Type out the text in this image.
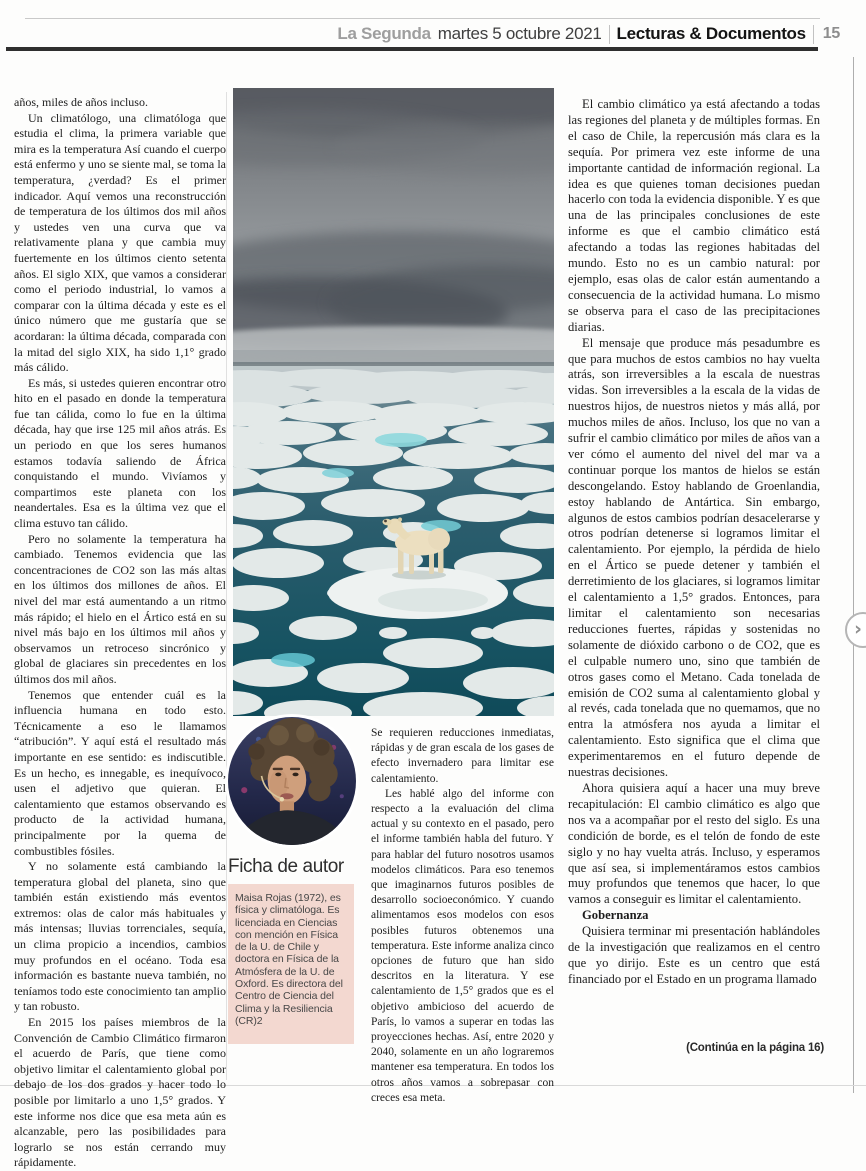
La Segunda martes 5 octubre 2021 Lecturas & Documentos 15

años, miles de años incluso.

Un climatólogo, una climatóloga que estudia el clima, la primera variable que mira es la temperatura Así cuando el cuerpo está enfermo y uno se siente mal, se toma la temperatura, ¿verdad? Es el primer indicador. Aquí vemos una reconstrucción de temperatura de los últimos dos mil años y ustedes ven una curva que va relativamente plana y que cambia muy fuertemente en los últimos ciento setenta años. El siglo XIX, que vamos a considerar como el periodo industrial, lo vamos a comparar con la última década y este es el único número que me gustaría que se acordaran: la última década, comparada con la mitad del siglo XIX, ha sido 1,1° grado más cálido.

Es más, si ustedes quieren encontrar otro hito en el pasado en donde la temperatura fue tan cálida, como lo fue en la última década, hay que irse 125 mil años atrás. Es un periodo en que los seres humanos estamos todavía saliendo de África conquistando el mundo. Vivíamos y compartimos este planeta con los neandertales. Esa es la última vez que el clima estuvo tan cálido.

Pero no solamente la temperatura ha cambiado. Tenemos evidencia que las concentraciones de CO2 son las más altas en los últimos dos millones de años. El nivel del mar está aumentando a un ritmo más rápido; el hielo en el Ártico está en su nivel más bajo en los últimos mil años y observamos un retroceso sincrónico y global de glaciares sin precedentes en los últimos dos mil años.

Tenemos que entender cuál es la influencia humana en todo esto. Técnicamente a eso le llamamos “atribución”. Y aquí está el resultado más importante en ese sentido: es indiscutible. Es un hecho, es innegable, es inequívoco, usen el adjetivo que quieran. El calentamiento que estamos observando es producto de la actividad humana, principalmente por la quema de combustibles fósiles.

Y no solamente está cambiando la temperatura global del planeta, sino que también están existiendo más eventos extremos: olas de calor más habituales y más intensas; lluvias torrenciales, sequía, un clima propicio a incendios, cambios muy profundos en el océano. Toda esa información es bastante nueva también, no teníamos todo este conocimiento tan amplio y tan robusto.

En 2015 los países miembros de la Convención de Cambio Climático firmaron el acuerdo de París, que tiene como objetivo limitar el calentamiento global por debajo de los dos grados y hacer todo lo posible por limitarlo a uno 1,5° grados. Y este informe nos dice que esa meta aún es alcanzable, pero las posibilidades para lograrlo se nos están cerrando muy rápidamente.

Se requieren reducciones inmediatas, rápidas y de gran escala de los gases de efecto invernadero para limitar ese calentamiento.

Les hablé algo del informe con respecto a la evaluación del clima actual y su contexto en el pasado, pero el informe también habla del futuro. Y para hablar del futuro nosotros usamos modelos climáticos. Para eso tenemos que imaginarnos futuros posibles de desarrollo socioeconómico. Y cuando alimentamos esos modelos con esos posibles futuros obtenemos una temperatura. Este informe analiza cinco opciones de futuro que han sido descritos en la literatura. Y ese calentamiento de 1,5° grados que es el objetivo ambicioso del acuerdo de París, lo vamos a superar en todas las proyecciones hechas. Así, entre 2020 y 2040, solamente en un año lograremos mantener esa temperatura. En todos los otros años vamos a sobrepasar con creces esa meta.

El cambio climático ya está afectando a todas las regiones del planeta y de múltiples formas. En el caso de Chile, la repercusión más clara es la sequía. Por primera vez este informe de una importante cantidad de información regional. La idea es que quienes toman decisiones puedan hacerlo con toda la evidencia disponible. Y es que una de las principales conclusiones de este informe es que el cambio climático está afectando a todas las regiones habitadas del mundo. Esto no es un cambio natural: por ejemplo, esas olas de calor están aumentando a consecuencia de la actividad humana. Lo mismo se observa para el caso de las precipitaciones diarias.

El mensaje que produce más pesadumbre es que para muchos de estos cambios no hay vuelta atrás, son irreversibles a la escala de nuestras vidas. Son irreversibles a la escala de la vidas de nuestros hijos, de nuestros nietos y más allá, por muchos miles de años. Incluso, los que no van a sufrir el cambio climático por miles de años van a ver cómo el aumento del nivel del mar va a continuar porque los mantos de hielos se están descongelando. Estoy hablando de Groenlandia, estoy hablando de Antártica. Sin embargo, algunos de estos cambios podrían desacelerarse y otros podrían detenerse si logramos limitar el calentamiento. Por ejemplo, la pérdida de hielo en el Ártico se puede detener y también el derretimiento de los glaciares, si logramos limitar el calentamiento a 1,5° grados. Entonces, para limitar el calentamiento son necesarias reducciones fuertes, rápidas y sostenidas no solamente de dióxido carbono o de CO2, que es el culpable numero uno, sino que también de otros gases como el Metano. Cada tonelada de emisión de CO2 suma al calentamiento global y al revés, cada tonelada que no quemamos, que no entra la atmósfera nos ayuda a limitar el calentamiento. Esto significa que el clima que experimentaremos en el futuro depende de nuestras decisiones.

Ahora quisiera aquí a hacer una muy breve recapitulación: El cambio climático es algo que nos va a acompañar por el resto del siglo. Es una condición de borde, es el telón de fondo de este siglo y no hay vuelta atrás. Incluso, y esperamos que así sea, si implementáramos estos cambios muy profundos que tenemos que hacer, lo que vamos a conseguir es limitar el calentamiento.

Gobernanza

Quisiera terminar mi presentación hablándoles de la investigación que realizamos en el centro que yo dirijo. Este es un centro que está financiado por el Estado en un programa llamado

(Continúa en la página 16)
Ficha de autor
Maisa Rojas (1972), es física y climatóloga. Es licenciada en Ciencias con mención en Física de la U. de Chile y doctora en Física de la Atmósfera de la U. de Oxford. Es directora del Centro de Ciencia del Clima y la Resiliencia (CR)2
›
